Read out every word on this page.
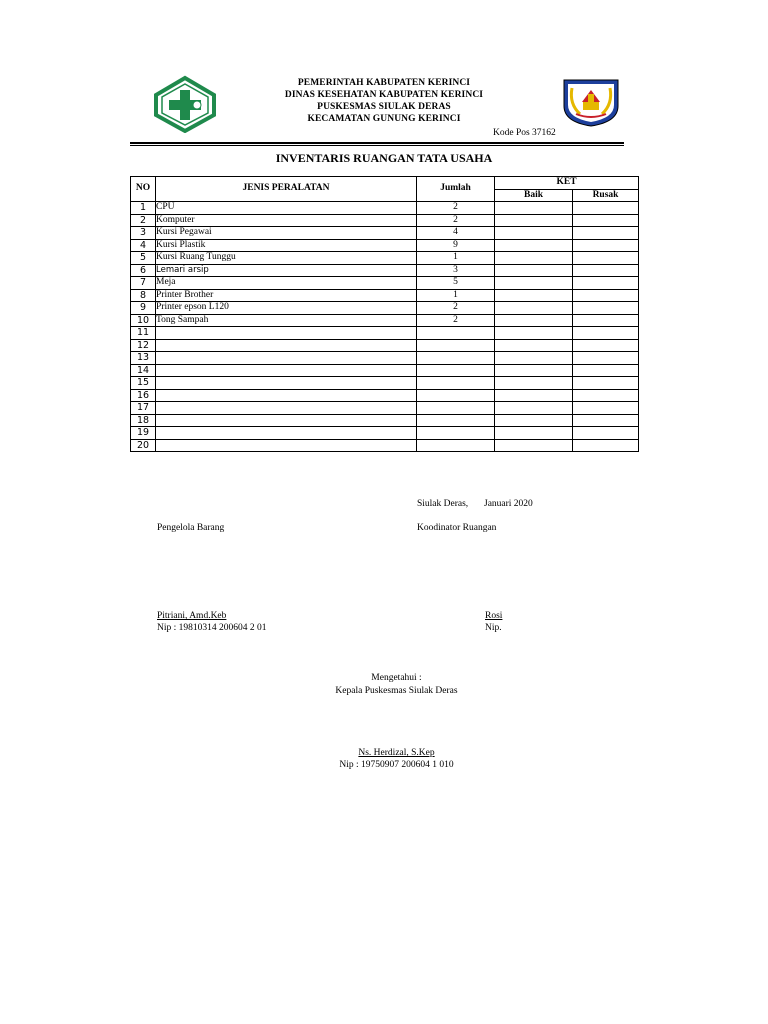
PEMERINTAH KABUPATEN KERINCI
DINAS KESEHATAN KABUPATEN KERINCI
PUSKESMAS SIULAK DERAS
KECAMATAN GUNUNG KERINCI
Kode Pos 37162
INVENTARIS RUANGAN TATA USAHA
NO	JENIS PERALATAN	Jumlah	KET	
			Baik	Rusak
1	CPU	2		
2	Komputer	2		
3	Kursi Pegawai	4		
4	Kursi Plastik	9		
5	Kursi Ruang Tunggu	1		
6	Lemari arsip	3		
7	Meja	5		
8	Printer Brother	1		
9	Printer epson L120	2		
10	Tong Sampah	2		
11				
12				
13				
14				
15				
16				
17				
18				
19				
20				
Siulak Deras, Januari 2020
Pengelola Barang	Koodinator Ruangan
Pitriani, Amd.Keb
Nip : 19810314 200604 2 01
Rosi
Nip.
Mengetahui :
Kepala Puskesmas Siulak Deras
Ns. Herdizal, S.Kep
Nip : 19750907 200604 1 010
